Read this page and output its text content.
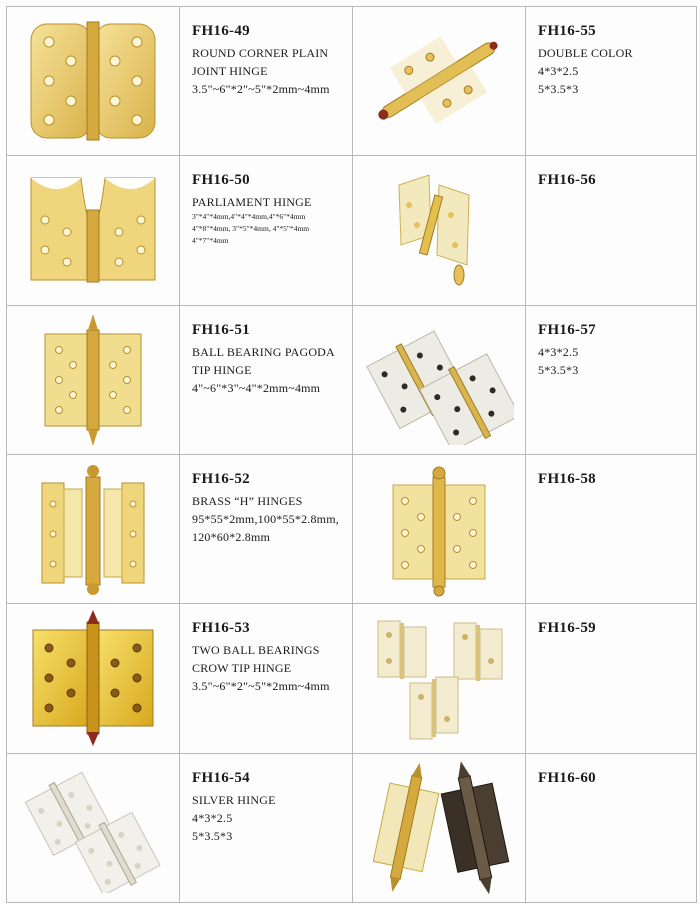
FH16-49
ROUND CORNER PLAIN
JOINT HINGE
3.5"~6"*2"~5"*2mm~4mm
FH16-55
DOUBLE COLOR
4*3*2.5
5*3.5*3
FH16-50
PARLIAMENT HINGE
3"*4"*4mm,4"*4"*4mm,4"*6"*4mm
4"*8"*4mm, 3"*5"*4mm, 4"*5"*4mm
4"*7"*4mm
FH16-56
FH16-51
BALL BEARING PAGODA
TIP HINGE
4"~6"*3"~4"*2mm~4mm
FH16-57
4*3*2.5
5*3.5*3
FH16-52
BRASS “H” HINGES
95*55*2mm,100*55*2.8mm,
120*60*2.8mm
FH16-58
FH16-53
TWO BALL BEARINGS
CROW TIP HINGE
3.5"~6"*2"~5"*2mm~4mm
FH16-59
FH16-54
SILVER HINGE
4*3*2.5
5*3.5*3
FH16-60
